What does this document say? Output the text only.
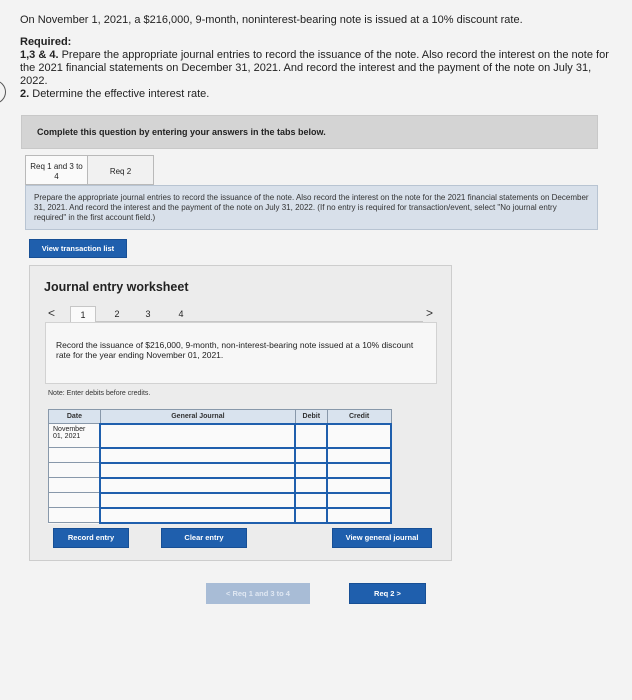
On November 1, 2021, a $216,000, 9-month, noninterest-bearing note is issued at a 10% discount rate.
Required:
1,3 & 4. Prepare the appropriate journal entries to record the issuance of the note. Also record the interest on the note for the 2021 financial statements on December 31, 2021. And record the interest and the payment of the note on July 31, 2022.
2. Determine the effective interest rate.
Complete this question by entering your answers in the tabs below.
Req 1 and 3 to
4
Req 2
Prepare the appropriate journal entries to record the issuance of the note. Also record the interest on the note for the 2021 financial statements on December 31, 2021. And record the interest and the payment of the note on July 31, 2022. (If no entry is required for transaction/event, select "No journal entry required" in the first account field.)
View transaction list
Journal entry worksheet
<	1	2	3	4	>
Record the issuance of $216,000, 9-month, non-interest-bearing note issued at a 10% discount rate for the year ending November 01, 2021.
Note: Enter debits before credits.
Date	General Journal	Debit	Credit

November
01, 2021			

Record entry	Clear entry	View general journal
< Req 1 and 3 to 4	Req 2 >
